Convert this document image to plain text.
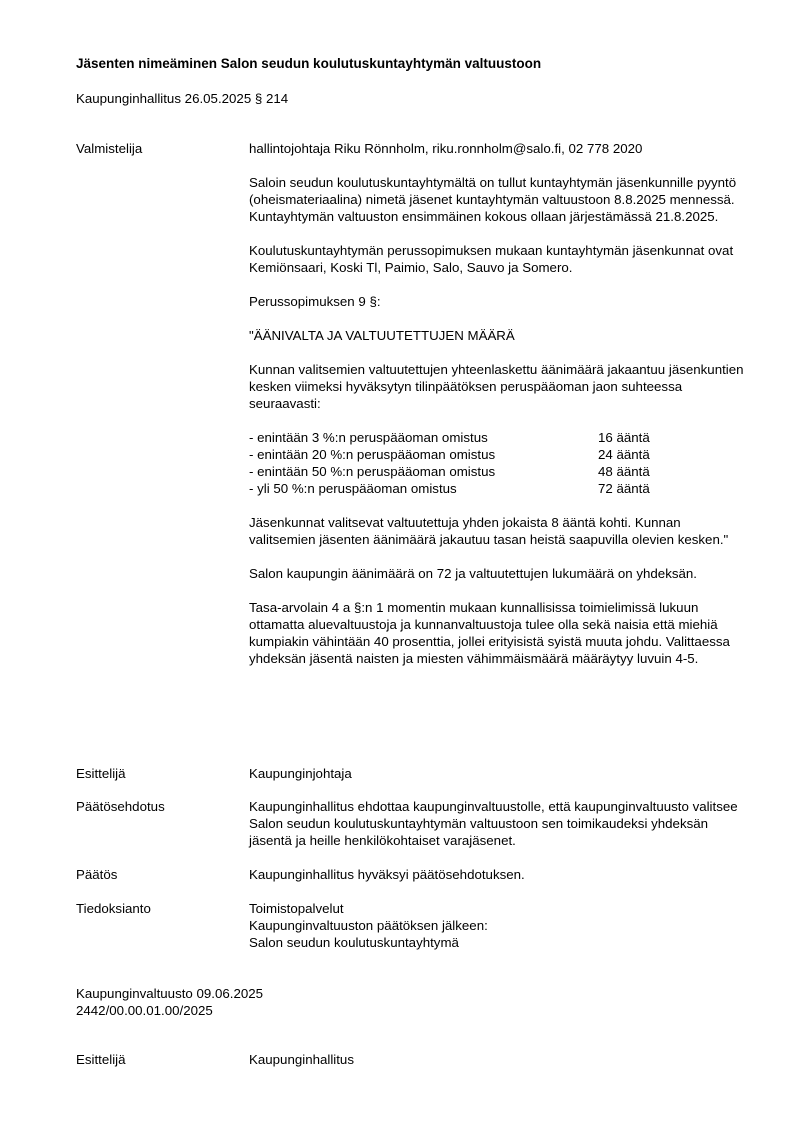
Jäsenten nimeäminen Salon seudun koulutuskuntayhtymän valtuustoon
Kaupunginhallitus 26.05.2025 § 214
Valmistelija	hallintojohtaja Riku Rönnholm, riku.ronnholm@salo.fi, 02 778 2020

Saloin seudun koulutuskuntayhtymältä on tullut kuntayhtymän jäsenkunnille pyyntö (oheismateriaalina) nimetä jäsenet kuntayhtymän valtuustoon 8.8.2025 mennessä. Kuntayhtymän valtuuston ensimmäinen kokous ollaan järjestämässä 21.8.2025.

Koulutuskuntayhtymän perussopimuksen mukaan kuntayhtymän jäsenkunnat ovat Kemiönsaari, Koski Tl, Paimio, Salo, Sauvo ja Somero.

Perussopimuksen 9 §:

"ÄÄNIVALTA JA VALTUUTETTUJEN MÄÄRÄ

Kunnan valitsemien valtuutettujen yhteenlaskettu äänimäärä jakaantuu jäsenkuntien kesken viimeksi hyväksytyn tilinpäätöksen peruspääoman jaon suhteessa seuraavasti:

- enintään 3 %:n peruspääoman omistus	16 ääntä
- enintään 20 %:n peruspääoman omistus	24 ääntä
- enintään 50 %:n peruspääoman omistus	48 ääntä
- yli 50 %:n peruspääoman omistus	72 ääntä

Jäsenkunnat valitsevat valtuutettuja yhden jokaista 8 ääntä kohti. Kunnan valitsemien jäsenten äänimäärä jakautuu tasan heistä saapuvilla olevien kesken."

Salon kaupungin äänimäärä on 72 ja valtuutettujen lukumäärä on yhdeksän.

Tasa-arvolain 4 a §:n 1 momentin mukaan kunnallisissa toimielimissä lukuun ottamatta aluevaltuustoja ja kunnanvaltuustoja tulee olla sekä naisia että miehiä kumpiakin vähintään 40 prosenttia, jollei erityisistä syistä muuta johdu. Valittaessa yhdeksän jäsentä naisten ja miesten vähimmäismäärä määräytyy luvuin 4-5.

Esittelijä	Kaupunginjohtaja
Päätösehdotus	Kaupunginhallitus ehdottaa kaupunginvaltuustolle, että kaupunginvaltuusto valitsee Salon seudun koulutuskuntayhtymän valtuustoon sen toimikaudeksi yhdeksän jäsentä ja heille henkilökohtaiset varajäsenet.
Päätös	Kaupunginhallitus hyväksyi päätösehdotuksen.
Tiedoksianto	Toimistopalvelut
Kaupunginvaltuuston päätöksen jälkeen:
Salon seudun koulutuskuntayhtymä
Kaupunginvaltuusto 09.06.2025
2442/00.00.01.00/2025
Esittelijä	Kaupunginhallitus
